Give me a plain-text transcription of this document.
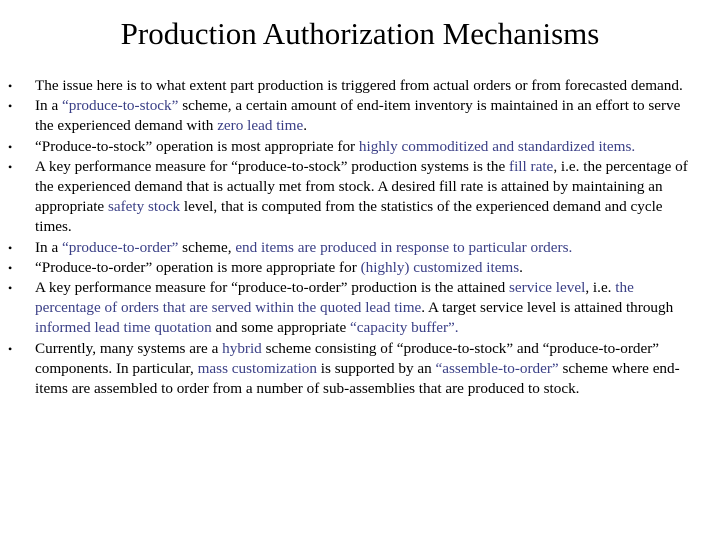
Production Authorization Mechanisms
• The issue here is to what extent part production is triggered from actual orders or from forecasted demand.
• In a “produce-to-stock” scheme, a certain amount of end-item inventory is maintained in an effort to serve the experienced demand with zero lead time.
• “Produce-to-stock” operation is most appropriate for highly commoditized and standardized items.
• A key performance measure for “produce-to-stock” production systems is the fill rate, i.e. the percentage of the experienced demand that is actually met from stock. A desired fill rate is attained by maintaining an appropriate safety stock level, that is computed from the statistics of the experienced demand and cycle times.
• In a “produce-to-order” scheme, end items are produced in response to particular orders.
• “Produce-to-order” operation is more appropriate for (highly) customized items.
• A key performance measure for “produce-to-order” production is the attained service level, i.e. the percentage of orders that are served within the quoted lead time. A target service level is attained through informed lead time quotation and some appropriate “capacity buffer”.
• Currently, many systems are a hybrid scheme consisting of “produce-to-stock” and “produce-to-order” components. In particular, mass customization is supported by an “assemble-to-order” scheme where end-items are assembled to order from a number of sub-assemblies that are produced to stock.
